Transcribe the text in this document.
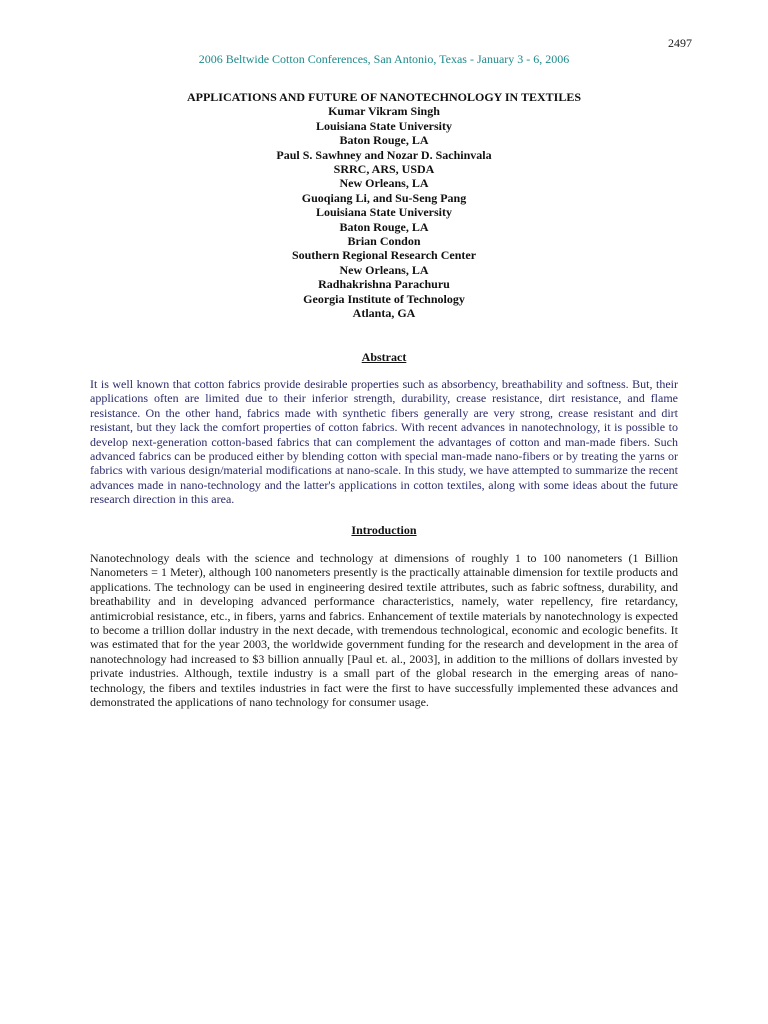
2497
2006 Beltwide Cotton Conferences, San Antonio, Texas - January 3 - 6, 2006
APPLICATIONS AND FUTURE OF NANOTECHNOLOGY IN TEXTILES
Kumar Vikram Singh
Louisiana State University
Baton Rouge, LA
Paul S. Sawhney and Nozar D. Sachinvala
SRRC, ARS, USDA
New Orleans, LA
Guoqiang Li, and Su-Seng Pang
Louisiana State University
Baton Rouge, LA
Brian Condon
Southern Regional Research Center
New Orleans, LA
Radhakrishna Parachuru
Georgia Institute of Technology
Atlanta, GA
Abstract

It is well known that cotton fabrics provide desirable properties such as absorbency, breathability and softness. But, their applications often are limited due to their inferior strength, durability, crease resistance, dirt resistance, and flame resistance. On the other hand, fabrics made with synthetic fibers generally are very strong, crease resistant and dirt resistant, but they lack the comfort properties of cotton fabrics. With recent advances in nanotechnology, it is possible to develop next-generation cotton-based fabrics that can complement the advantages of cotton and man-made fibers. Such advanced fabrics can be produced either by blending cotton with special man-made nano-fibers or by treating the yarns or fabrics with various design/material modifications at nano-scale. In this study, we have attempted to summarize the recent advances made in nano-technology and the latter's applications in cotton textiles, along with some ideas about the future research direction in this area.

Introduction

Nanotechnology deals with the science and technology at dimensions of roughly 1 to 100 nanometers (1 Billion Nanometers = 1 Meter), although 100 nanometers presently is the practically attainable dimension for textile products and applications. The technology can be used in engineering desired textile attributes, such as fabric softness, durability, and breathability and in developing advanced performance characteristics, namely, water repellency, fire retardancy, antimicrobial resistance, etc., in fibers, yarns and fabrics. Enhancement of textile materials by nanotechnology is expected to become a trillion dollar industry in the next decade, with tremendous technological, economic and ecologic benefits. It was estimated that for the year 2003, the worldwide government funding for the research and development in the area of nanotechnology had increased to $3 billion annually [Paul et. al., 2003], in addition to the millions of dollars invested by private industries. Although, textile industry is a small part of the global research in the emerging areas of nano-technology, the fibers and textiles industries in fact were the first to have successfully implemented these advances and demonstrated the applications of nano technology for consumer usage.
